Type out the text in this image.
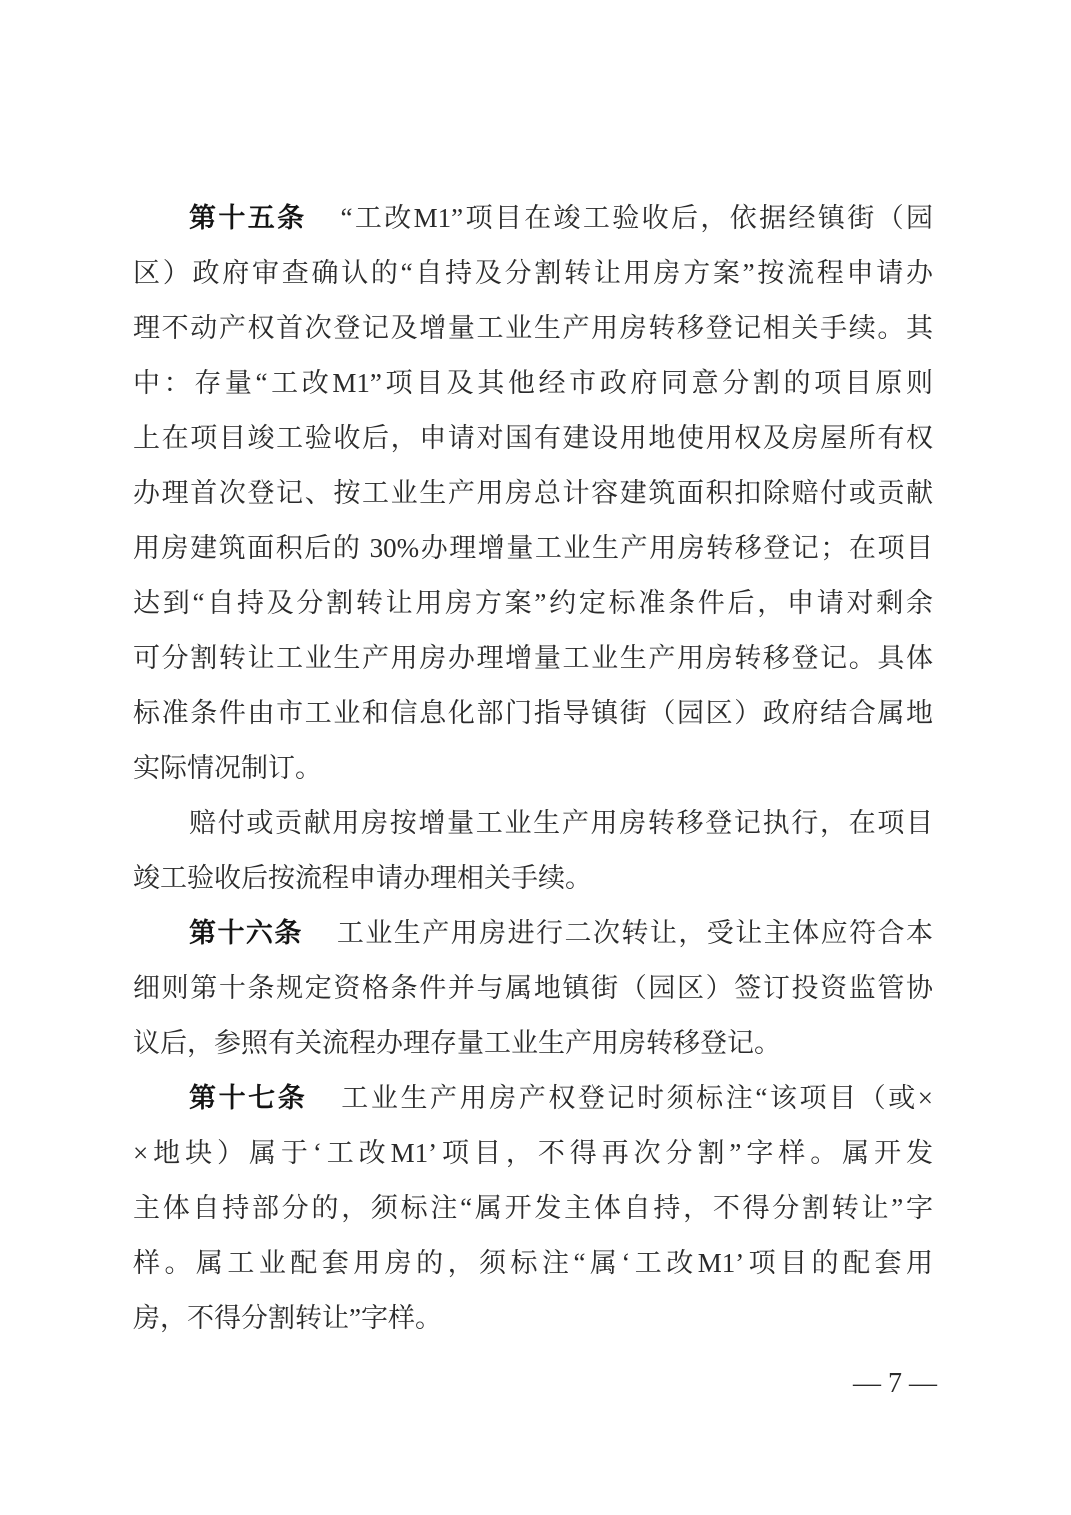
第十五条 “工改M1”项目在竣工验收后，依据经镇街（园
区）政府审查确认的“自持及分割转让用房方案”按流程申请办
理不动产权首次登记及增量工业生产用房转移登记相关手续。其
中：存量“工改M1”项目及其他经市政府同意分割的项目原则
上在项目竣工验收后，申请对国有建设用地使用权及房屋所有权
办理首次登记、按工业生产用房总计容建筑面积扣除赔付或贡献
用房建筑面积后的 30%办理增量工业生产用房转移登记；在项目
达到“自持及分割转让用房方案”约定标准条件后，申请对剩余
可分割转让工业生产用房办理增量工业生产用房转移登记。具体
标准条件由市工业和信息化部门指导镇街（园区）政府结合属地
实际情况制订。
赔付或贡献用房按增量工业生产用房转移登记执行，在项目
竣工验收后按流程申请办理相关手续。
第十六条 工业生产用房进行二次转让，受让主体应符合本
细则第十条规定资格条件并与属地镇街（园区）签订投资监管协
议后，参照有关流程办理存量工业生产用房转移登记。
第十七条 工业生产用房产权登记时须标注“该项目（或×
×地块）属于‘工改M1’项目，不得再次分割”字样。属开发
主体自持部分的，须标注“属开发主体自持，不得分割转让”字
样。属工业配套用房的，须标注“属‘工改M1’项目的配套用
房，不得分割转让”字样。
— 7 —
